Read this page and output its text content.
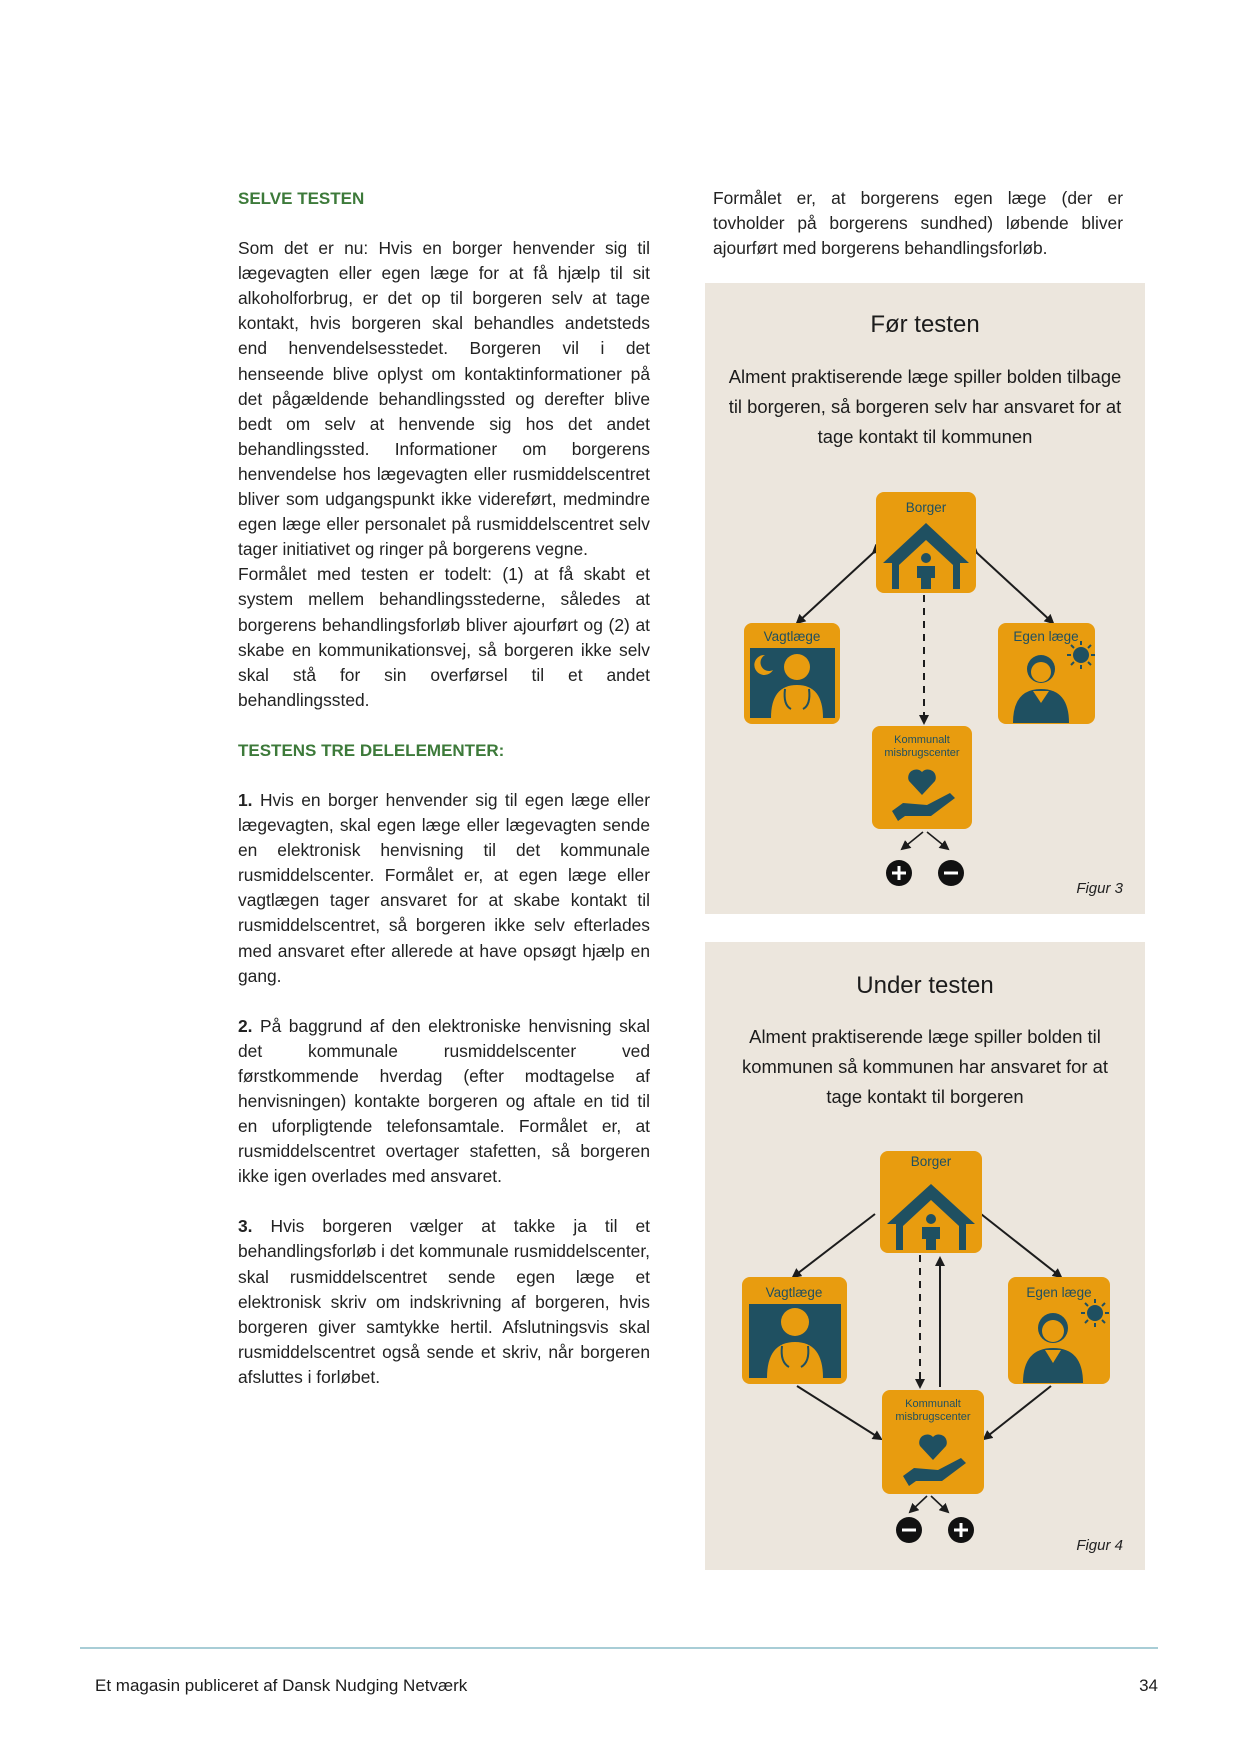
SELVE TESTEN

Som det er nu: Hvis en borger henvender sig til lægevagten eller egen læge for at få hjælp til sit alkoholforbrug, er det op til borgeren selv at tage kontakt, hvis borgeren skal behandles andetsteds end henvendelsesstedet. Borgeren vil i det henseende blive oplyst om kontaktinformationer på det pågældende behandlingssted og derefter blive bedt om selv at henvende sig hos det andet behandlingssted. Informationer om borgerens henvendelse hos lægevagten eller rusmiddelscentret bliver som udgangspunkt ikke videreført, medmindre egen læge eller personalet på rusmiddelscentret selv tager initiativet og ringer på borgerens vegne.

Formålet med testen er todelt: (1) at få skabt et system mellem behandlingsstederne, således at borgerens behandlingsforløb bliver ajourført og (2) at skabe en kommunikationsvej, så borgeren ikke selv skal stå for sin overførsel til et andet behandlingssted.

TESTENS TRE DELELEMENTER:

1. Hvis en borger henvender sig til egen læge eller lægevagten, skal egen læge eller lægevagten sende en elektronisk henvisning til det kommunale rusmiddelscenter. Formålet er, at egen læge eller vagtlægen tager ansvaret for at skabe kontakt til rusmiddelscentret, så borgeren ikke selv efterlades med ansvaret efter allerede at have opsøgt hjælp en gang.

2. På baggrund af den elektroniske henvisning skal det kommunale rusmiddelscenter ved førstkommende hverdag (efter modtagelse af henvisningen) kontakte borgeren og aftale en tid til en uforpligtende telefonsamtale. Formålet er, at rusmiddelscentret overtager stafetten, så borgeren ikke igen overlades med ansvaret.

3. Hvis borgeren vælger at takke ja til et behandlingsforløb i det kommunale rusmiddelscenter, skal rusmiddelscentret sende egen læge et elektronisk skriv om indskrivning af borgeren, hvis borgeren giver samtykke hertil. Afslutningsvis skal rusmiddelscentret også sende et skriv, når borgeren afsluttes i forløbet.

Formålet er, at borgerens egen læge (der er tovholder på borgerens sundhed) løbende bliver ajourført med borgerens behandlingsforløb.

Før testen
Alment praktiserende læge spiller bolden tilbage til borgeren, så borgeren selv har ansvaret for at tage kontakt til kommunen
Borger
Vagtlæge	Egen læge
Kommunalt
misbrugscenter
Figur 3
Under testen
Alment praktiserende læge spiller bolden til kommunen så kommunen har ansvaret for at tage kontakt til borgeren
Borger
Vagtlæge	Egen læge
Kommunalt
misbrugscenter
Figur 4
Et magasin publiceret af Dansk Nudging Netværk	34
